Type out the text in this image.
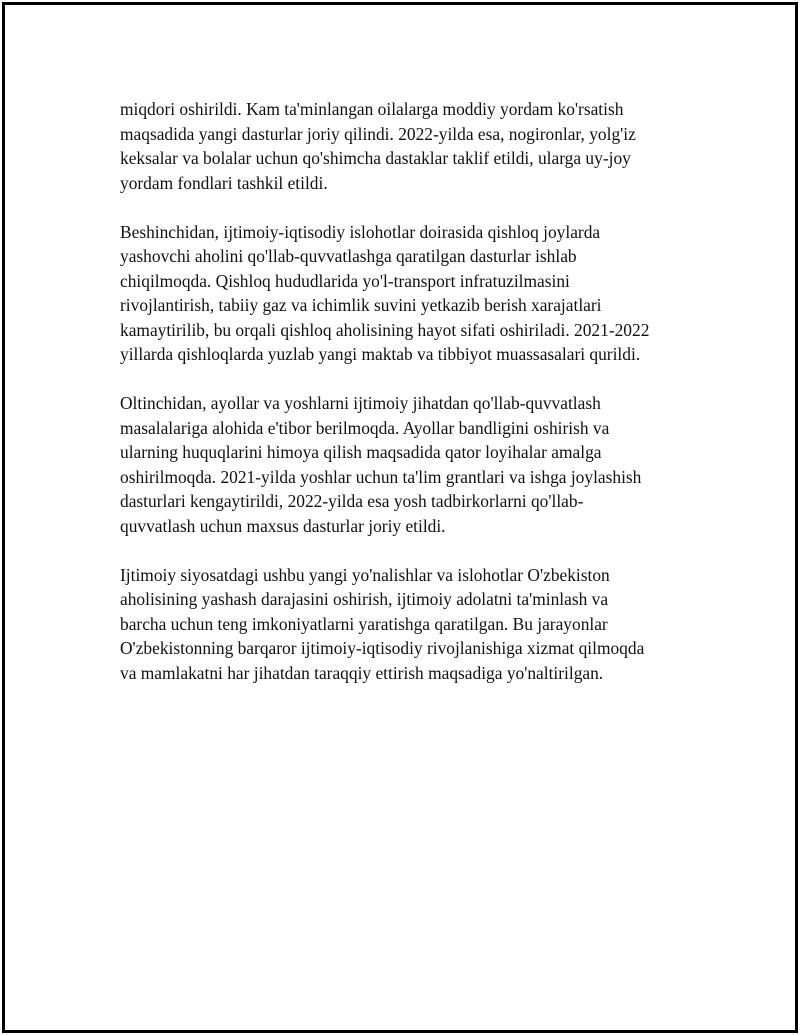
miqdori oshirildi. Kam ta'minlangan oilalarga moddiy yordam ko'rsatish
maqsadida yangi dasturlar joriy qilindi. 2022-yilda esa, nogironlar, yolg'iz
keksalar va bolalar uchun qo'shimcha dastaklar taklif etildi, ularga uy-joy
yordam fondlari tashkil etildi.

Beshinchidan, ijtimoiy-iqtisodiy islohotlar doirasida qishloq joylarda
yashovchi aholini qo'llab-quvvatlashga qaratilgan dasturlar ishlab
chiqilmoqda. Qishloq hududlarida yo'l-transport infratuzilmasini
rivojlantirish, tabiiy gaz va ichimlik suvini yetkazib berish xarajatlari
kamaytirilib, bu orqali qishloq aholisining hayot sifati oshiriladi. 2021-2022
yillarda qishloqlarda yuzlab yangi maktab va tibbiyot muassasalari qurildi.

Oltinchidan, ayollar va yoshlarni ijtimoiy jihatdan qo'llab-quvvatlash
masalalariga alohida e'tibor berilmoqda. Ayollar bandligini oshirish va
ularning huquqlarini himoya qilish maqsadida qator loyihalar amalga
oshirilmoqda. 2021-yilda yoshlar uchun ta'lim grantlari va ishga joylashish
dasturlari kengaytirildi, 2022-yilda esa yosh tadbirkorlarni qo'llab-
quvvatlash uchun maxsus dasturlar joriy etildi.

Ijtimoiy siyosatdagi ushbu yangi yo'nalishlar va islohotlar O'zbekiston
aholisining yashash darajasini oshirish, ijtimoiy adolatni ta'minlash va
barcha uchun teng imkoniyatlarni yaratishga qaratilgan. Bu jarayonlar
O'zbekistonning barqaror ijtimoiy-iqtisodiy rivojlanishiga xizmat qilmoqda
va mamlakatni har jihatdan taraqqiy ettirish maqsadiga yo'naltirilgan.
